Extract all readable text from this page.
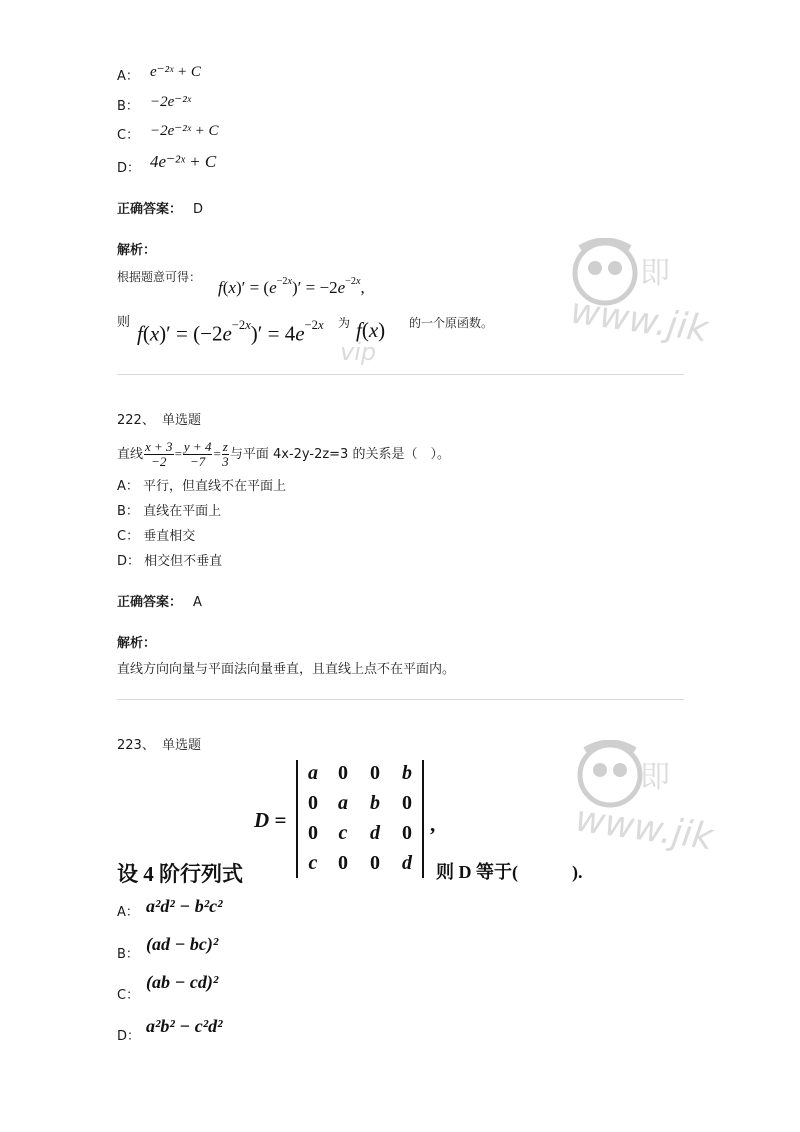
即
www.jik
vip
即
www.jik
A： e⁻²ˣ + C
B： −2e⁻²ˣ
C： −2e⁻²ˣ + C
D： 4e⁻²ˣ + C
正确答案： D
解析：
根据题意可得：
$f(x)' = (e^{-2x})' = -2e^{-2x}$,
则 $f(x)' = (-2e^{-2x})' = 4e^{-2x}$ 为 f(x) 的一个原函数。
222、 单选题
直线 $\frac{x + 3}{-2} = \frac{y + 4}{-7} = \frac{z}{3}$ 与平面 4x-2y-2z=3 的关系是（　）。
A： 平行，但直线不在平面上
B： 直线在平面上
C： 垂直相交
D： 相交但不垂直
正确答案： A
解析：
直线方向向量与平面法向量垂直，且直线上点不在平面内。
223、 单选题
D =
a	0	0	b
0	a	b	0
0	c	d	0
c	0	0	d
,
设 4 阶行列式	则 D 等于(　　　).
A： a²d² − b²c²
B：
(ad − bc)²
C：
(ab − cd)²
D：
a²b² − c²d²
